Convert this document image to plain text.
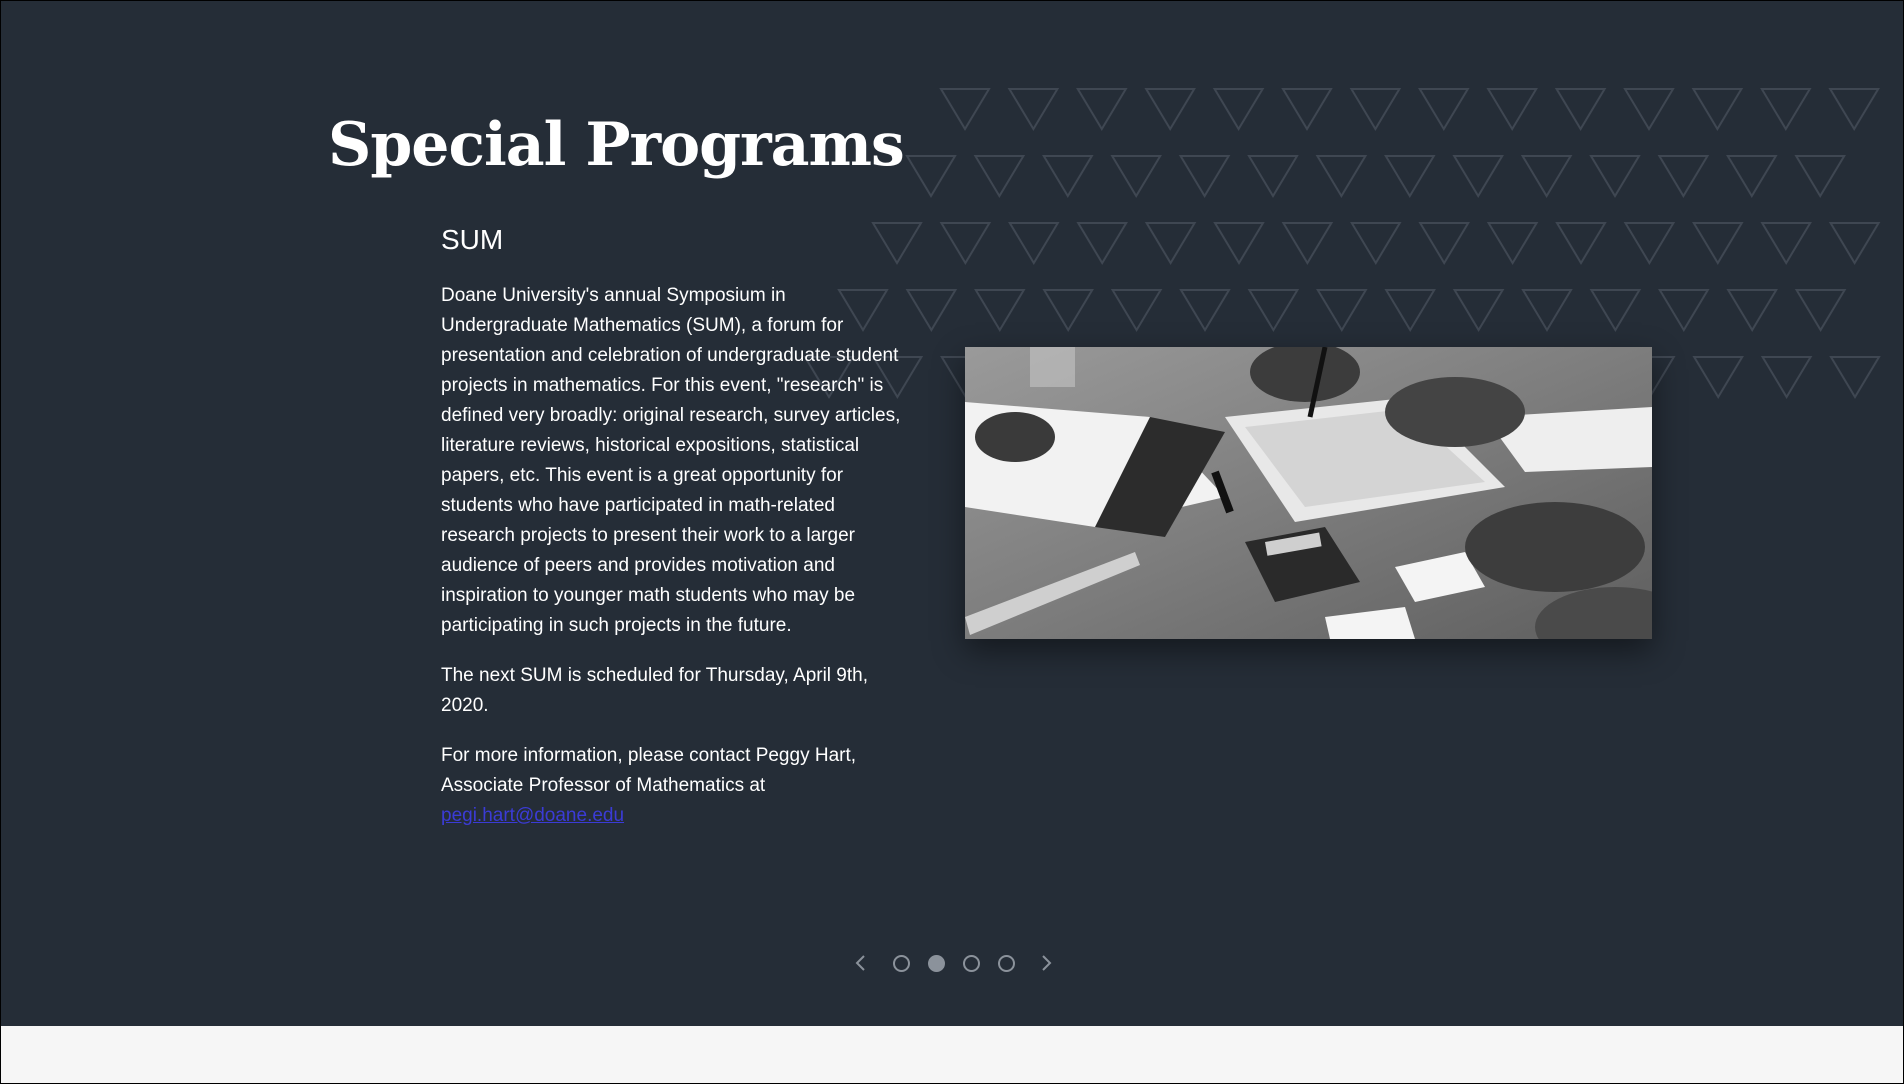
Special Programs
SUM

Doane University's annual Symposium in Undergraduate Mathematics (SUM), a forum for presentation and celebration of undergraduate student projects in mathematics. For this event, "research" is defined very broadly: original research, survey articles, literature reviews, historical expositions, statistical papers, etc. This event is a great opportunity for students who have participated in math-related research projects to present their work to a larger audience of peers and provides motivation and inspiration to younger math students who may be participating in such projects in the future.

The next SUM is scheduled for Thursday, April 9th, 2020.

For more information, please contact Peggy Hart, Associate Professor of Mathematics at
pegi.hart@doane.edu
